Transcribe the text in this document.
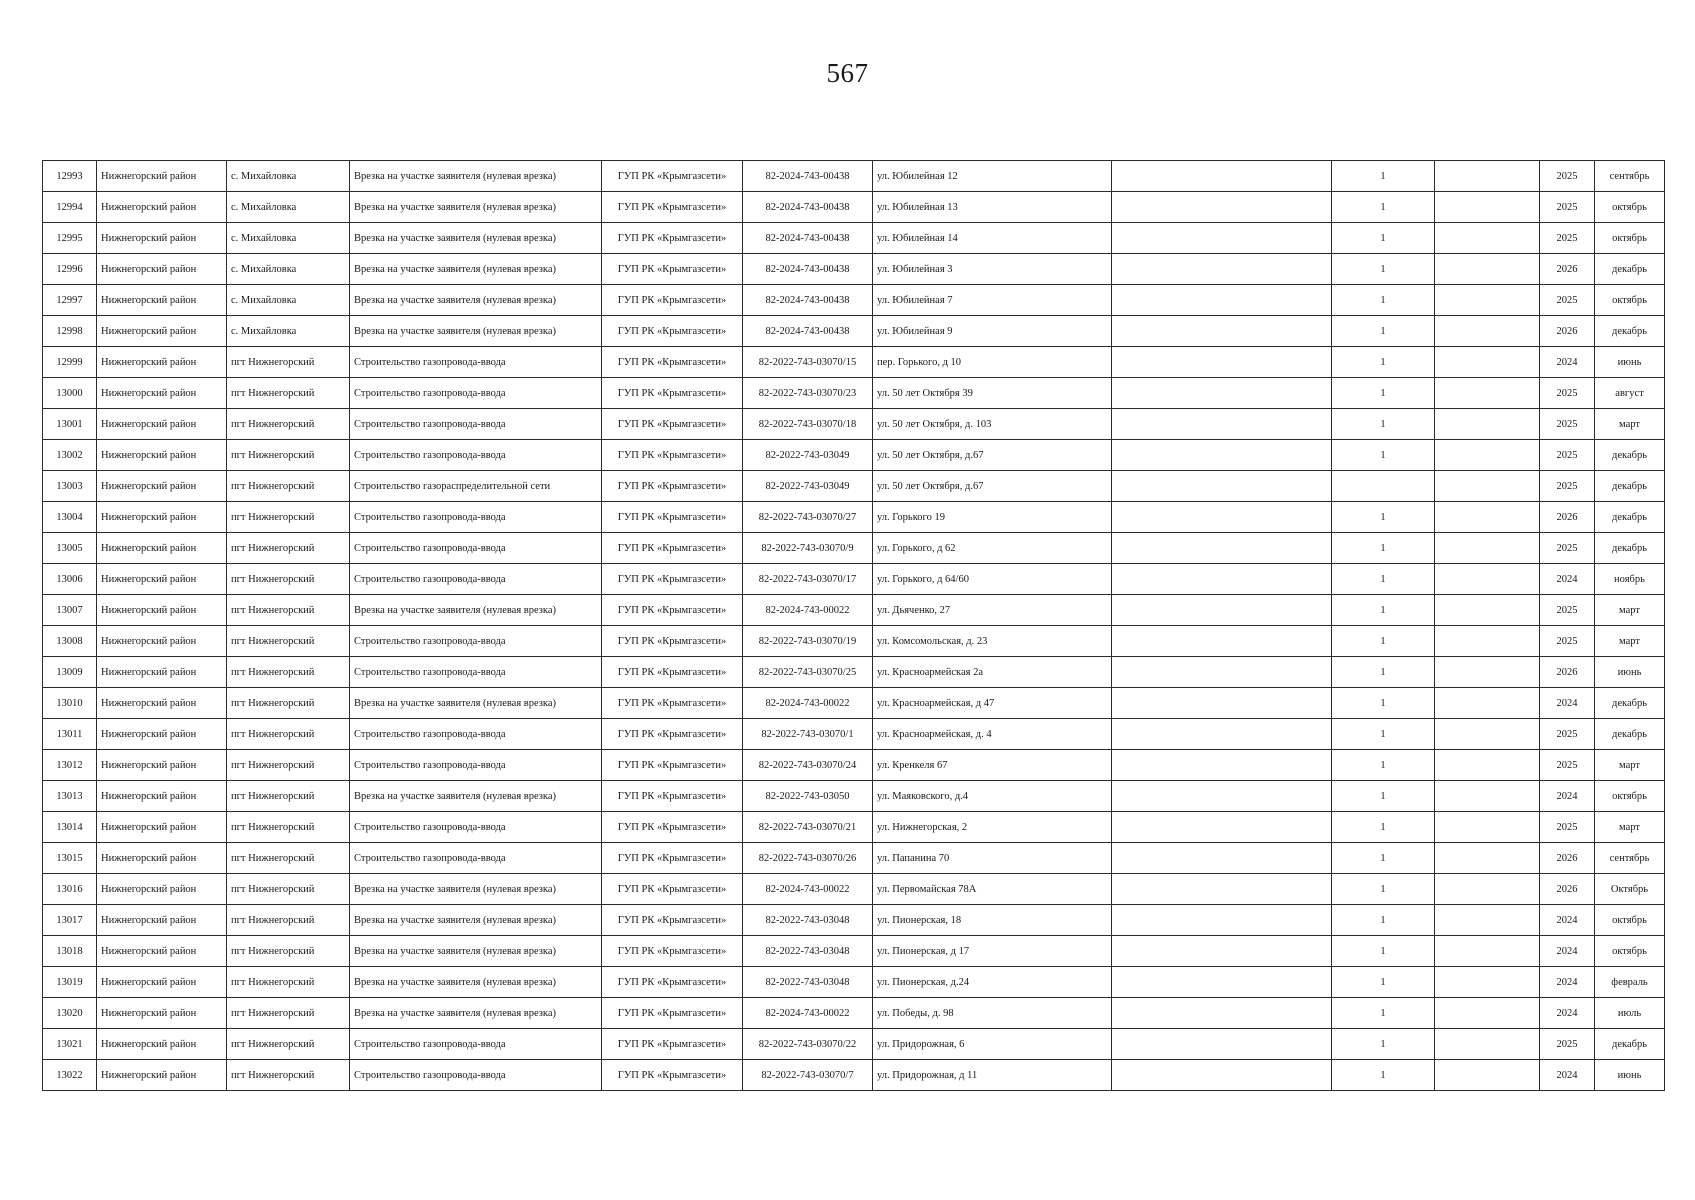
567
12993	Нижнегорский район	с. Михайловка	Врезка на участке заявителя (нулевая врезка)	ГУП РК «Крымгазсети»	82-2024-743-00438	ул. Юбилейная 12		1		2025	сентябрь
12994	Нижнегорский район	с. Михайловка	Врезка на участке заявителя (нулевая врезка)	ГУП РК «Крымгазсети»	82-2024-743-00438	ул. Юбилейная 13		1		2025	октябрь
12995	Нижнегорский район	с. Михайловка	Врезка на участке заявителя (нулевая врезка)	ГУП РК «Крымгазсети»	82-2024-743-00438	ул. Юбилейная 14		1		2025	октябрь
12996	Нижнегорский район	с. Михайловка	Врезка на участке заявителя (нулевая врезка)	ГУП РК «Крымгазсети»	82-2024-743-00438	ул. Юбилейная 3		1		2026	декабрь
12997	Нижнегорский район	с. Михайловка	Врезка на участке заявителя (нулевая врезка)	ГУП РК «Крымгазсети»	82-2024-743-00438	ул. Юбилейная 7		1		2025	октябрь
12998	Нижнегорский район	с. Михайловка	Врезка на участке заявителя (нулевая врезка)	ГУП РК «Крымгазсети»	82-2024-743-00438	ул. Юбилейная 9		1		2026	декабрь
12999	Нижнегорский район	пгт Нижнегорский	Строительство газопровода-ввода	ГУП РК «Крымгазсети»	82-2022-743-03070/15	пер. Горького, д 10		1		2024	июнь
13000	Нижнегорский район	пгт Нижнегорский	Строительство газопровода-ввода	ГУП РК «Крымгазсети»	82-2022-743-03070/23	ул. 50 лет Октября 39		1		2025	август
13001	Нижнегорский район	пгт Нижнегорский	Строительство газопровода-ввода	ГУП РК «Крымгазсети»	82-2022-743-03070/18	ул. 50 лет Октября, д. 103		1		2025	март
13002	Нижнегорский район	пгт Нижнегорский	Строительство газопровода-ввода	ГУП РК «Крымгазсети»	82-2022-743-03049	ул. 50 лет Октября, д.67		1		2025	декабрь
13003	Нижнегорский район	пгт Нижнегорский	Строительство газораспределительной сети	ГУП РК «Крымгазсети»	82-2022-743-03049	ул. 50 лет Октября, д.67				2025	декабрь
13004	Нижнегорский район	пгт Нижнегорский	Строительство газопровода-ввода	ГУП РК «Крымгазсети»	82-2022-743-03070/27	ул. Горького 19		1		2026	декабрь
13005	Нижнегорский район	пгт Нижнегорский	Строительство газопровода-ввода	ГУП РК «Крымгазсети»	82-2022-743-03070/9	ул. Горького, д 62		1		2025	декабрь
13006	Нижнегорский район	пгт Нижнегорский	Строительство газопровода-ввода	ГУП РК «Крымгазсети»	82-2022-743-03070/17	ул. Горького, д 64/60		1		2024	ноябрь
13007	Нижнегорский район	пгт Нижнегорский	Врезка на участке заявителя (нулевая врезка)	ГУП РК «Крымгазсети»	82-2024-743-00022	ул. Дьяченко, 27		1		2025	март
13008	Нижнегорский район	пгт Нижнегорский	Строительство газопровода-ввода	ГУП РК «Крымгазсети»	82-2022-743-03070/19	ул. Комсомольская, д. 23		1		2025	март
13009	Нижнегорский район	пгт Нижнегорский	Строительство газопровода-ввода	ГУП РК «Крымгазсети»	82-2022-743-03070/25	ул. Красноармейская 2а		1		2026	июнь
13010	Нижнегорский район	пгт Нижнегорский	Врезка на участке заявителя (нулевая врезка)	ГУП РК «Крымгазсети»	82-2024-743-00022	ул. Красноармейская, д 47		1		2024	декабрь
13011	Нижнегорский район	пгт Нижнегорский	Строительство газопровода-ввода	ГУП РК «Крымгазсети»	82-2022-743-03070/1	ул. Красноармейская, д. 4		1		2025	декабрь
13012	Нижнегорский район	пгт Нижнегорский	Строительство газопровода-ввода	ГУП РК «Крымгазсети»	82-2022-743-03070/24	ул. Кренкеля 67		1		2025	март
13013	Нижнегорский район	пгт Нижнегорский	Врезка на участке заявителя (нулевая врезка)	ГУП РК «Крымгазсети»	82-2022-743-03050	ул. Маяковского, д.4		1		2024	октябрь
13014	Нижнегорский район	пгт Нижнегорский	Строительство газопровода-ввода	ГУП РК «Крымгазсети»	82-2022-743-03070/21	ул. Нижнегорская, 2		1		2025	март
13015	Нижнегорский район	пгт Нижнегорский	Строительство газопровода-ввода	ГУП РК «Крымгазсети»	82-2022-743-03070/26	ул. Папанина 70		1		2026	сентябрь
13016	Нижнегорский район	пгт Нижнегорский	Врезка на участке заявителя (нулевая врезка)	ГУП РК «Крымгазсети»	82-2024-743-00022	ул. Первомайская 78А		1		2026	Октябрь
13017	Нижнегорский район	пгт Нижнегорский	Врезка на участке заявителя (нулевая врезка)	ГУП РК «Крымгазсети»	82-2022-743-03048	ул. Пионерская, 18		1		2024	октябрь
13018	Нижнегорский район	пгт Нижнегорский	Врезка на участке заявителя (нулевая врезка)	ГУП РК «Крымгазсети»	82-2022-743-03048	ул. Пионерская, д 17		1		2024	октябрь
13019	Нижнегорский район	пгт Нижнегорский	Врезка на участке заявителя (нулевая врезка)	ГУП РК «Крымгазсети»	82-2022-743-03048	ул. Пионерская, д.24		1		2024	февраль
13020	Нижнегорский район	пгт Нижнегорский	Врезка на участке заявителя (нулевая врезка)	ГУП РК «Крымгазсети»	82-2024-743-00022	ул. Победы, д. 98		1		2024	июль
13021	Нижнегорский район	пгт Нижнегорский	Строительство газопровода-ввода	ГУП РК «Крымгазсети»	82-2022-743-03070/22	ул. Придорожная, 6		1		2025	декабрь
13022	Нижнегорский район	пгт Нижнегорский	Строительство газопровода-ввода	ГУП РК «Крымгазсети»	82-2022-743-03070/7	ул. Придорожная, д 11		1		2024	июнь
